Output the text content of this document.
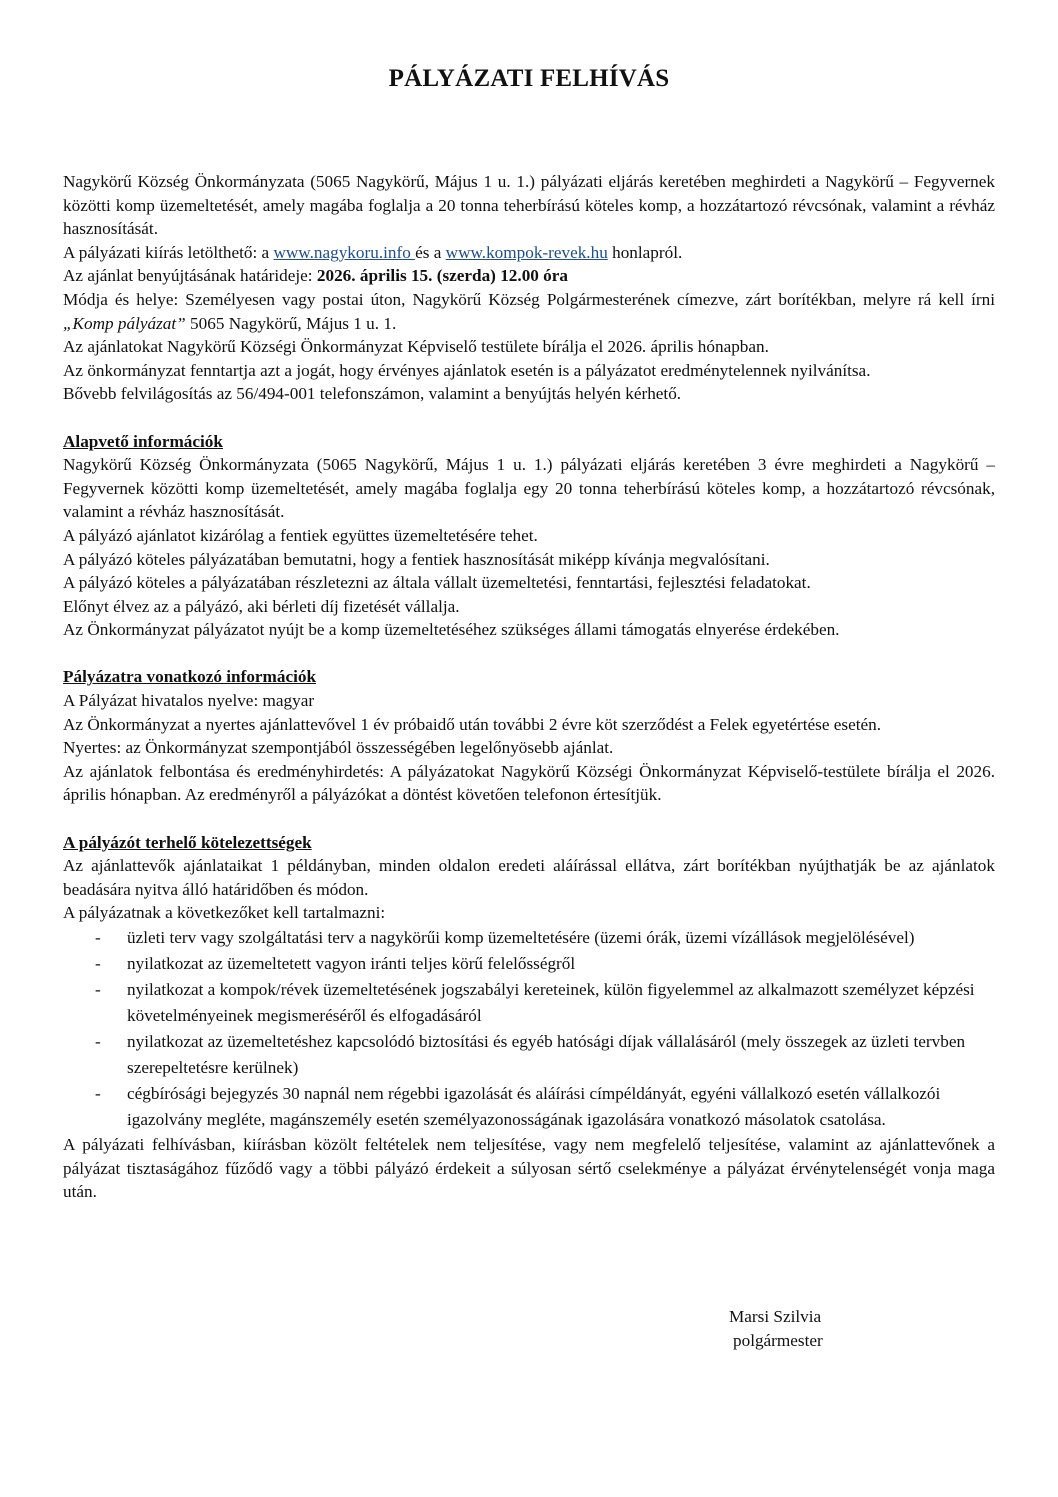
PÁLYÁZATI FELHÍVÁS

Nagykörű Község Önkormányzata (5065 Nagykörű, Május 1 u. 1.) pályázati eljárás keretében meghirdeti a Nagykörű – Fegyvernek közötti komp üzemeltetését, amely magába foglalja a 20 tonna teherbírású köteles komp, a hozzátartozó révcsónak, valamint a révház hasznosítását.

A pályázati kiírás letölthető: a www.nagykoru.info és a www.kompok-revek.hu honlapról.

Az ajánlat benyújtásának határideje: 2026. április 15. (szerda) 12.00 óra

Módja és helye: Személyesen vagy postai úton, Nagykörű Község Polgármesterének címezve, zárt borítékban, melyre rá kell írni „Komp pályázat” 5065 Nagykörű, Május 1 u. 1.

Az ajánlatokat Nagykörű Községi Önkormányzat Képviselő testülete bírálja el 2026. április hónapban.

Az önkormányzat fenntartja azt a jogát, hogy érvényes ajánlatok esetén is a pályázatot eredménytelennek nyilvánítsa.

Bővebb felvilágosítás az 56/494-001 telefonszámon, valamint a benyújtás helyén kérhető.

Alapvető információk

Nagykörű Község Önkormányzata (5065 Nagykörű, Május 1 u. 1.) pályázati eljárás keretében 3 évre meghirdeti a Nagykörű – Fegyvernek közötti komp üzemeltetését, amely magába foglalja egy 20 tonna teherbírású köteles komp, a hozzátartozó révcsónak, valamint a révház hasznosítását.

A pályázó ajánlatot kizárólag a fentiek együttes üzemeltetésére tehet.

A pályázó köteles pályázatában bemutatni, hogy a fentiek hasznosítását miképp kívánja megvalósítani.

A pályázó köteles a pályázatában részletezni az általa vállalt üzemeltetési, fenntartási, fejlesztési feladatokat.

Előnyt élvez az a pályázó, aki bérleti díj fizetését vállalja.

Az Önkormányzat pályázatot nyújt be a komp üzemeltetéséhez szükséges állami támogatás elnyerése érdekében.

Pályázatra vonatkozó információk

A Pályázat hivatalos nyelve: magyar

Az Önkormányzat a nyertes ajánlattevővel 1 év próbaidő után további 2 évre köt szerződést a Felek egyetértése esetén.

Nyertes: az Önkormányzat szempontjából összességében legelőnyösebb ajánlat.

Az ajánlatok felbontása és eredményhirdetés: A pályázatokat Nagykörű Községi Önkormányzat Képviselő-testülete bírálja el 2026. április hónapban. Az eredményről a pályázókat a döntést követően telefonon értesítjük.

A pályázót terhelő kötelezettségek

Az ajánlattevők ajánlataikat 1 példányban, minden oldalon eredeti aláírással ellátva, zárt borítékban nyújthatják be az ajánlatok beadására nyitva álló határidőben és módon.

A pályázatnak a következőket kell tartalmazni:

- üzleti terv vagy szolgáltatási terv a nagykörűi komp üzemeltetésére (üzemi órák, üzemi vízállások megjelölésével)
- nyilatkozat az üzemeltetett vagyon iránti teljes körű felelősségről
- nyilatkozat a kompok/révek üzemeltetésének jogszabályi kereteinek, külön figyelemmel az alkalmazott személyzet képzési követelményeinek megismeréséről és elfogadásáról
- nyilatkozat az üzemeltetéshez kapcsolódó biztosítási és egyéb hatósági díjak vállalásáról (mely összegek az üzleti tervben szerepeltetésre kerülnek)
- cégbírósági bejegyzés 30 napnál nem régebbi igazolását és aláírási címpéldányát, egyéni vállalkozó esetén vállalkozói igazolvány megléte, magánszemély esetén személyazonosságának igazolására vonatkozó másolatok csatolása.

A pályázati felhívásban, kiírásban közölt feltételek nem teljesítése, vagy nem megfelelő teljesítése, valamint az ajánlattevőnek a pályázat tisztaságához fűződő vagy a többi pályázó érdekeit a súlyosan sértő cselekménye a pályázat érvénytelenségét vonja maga után.

Marsi Szilvia
polgármester
